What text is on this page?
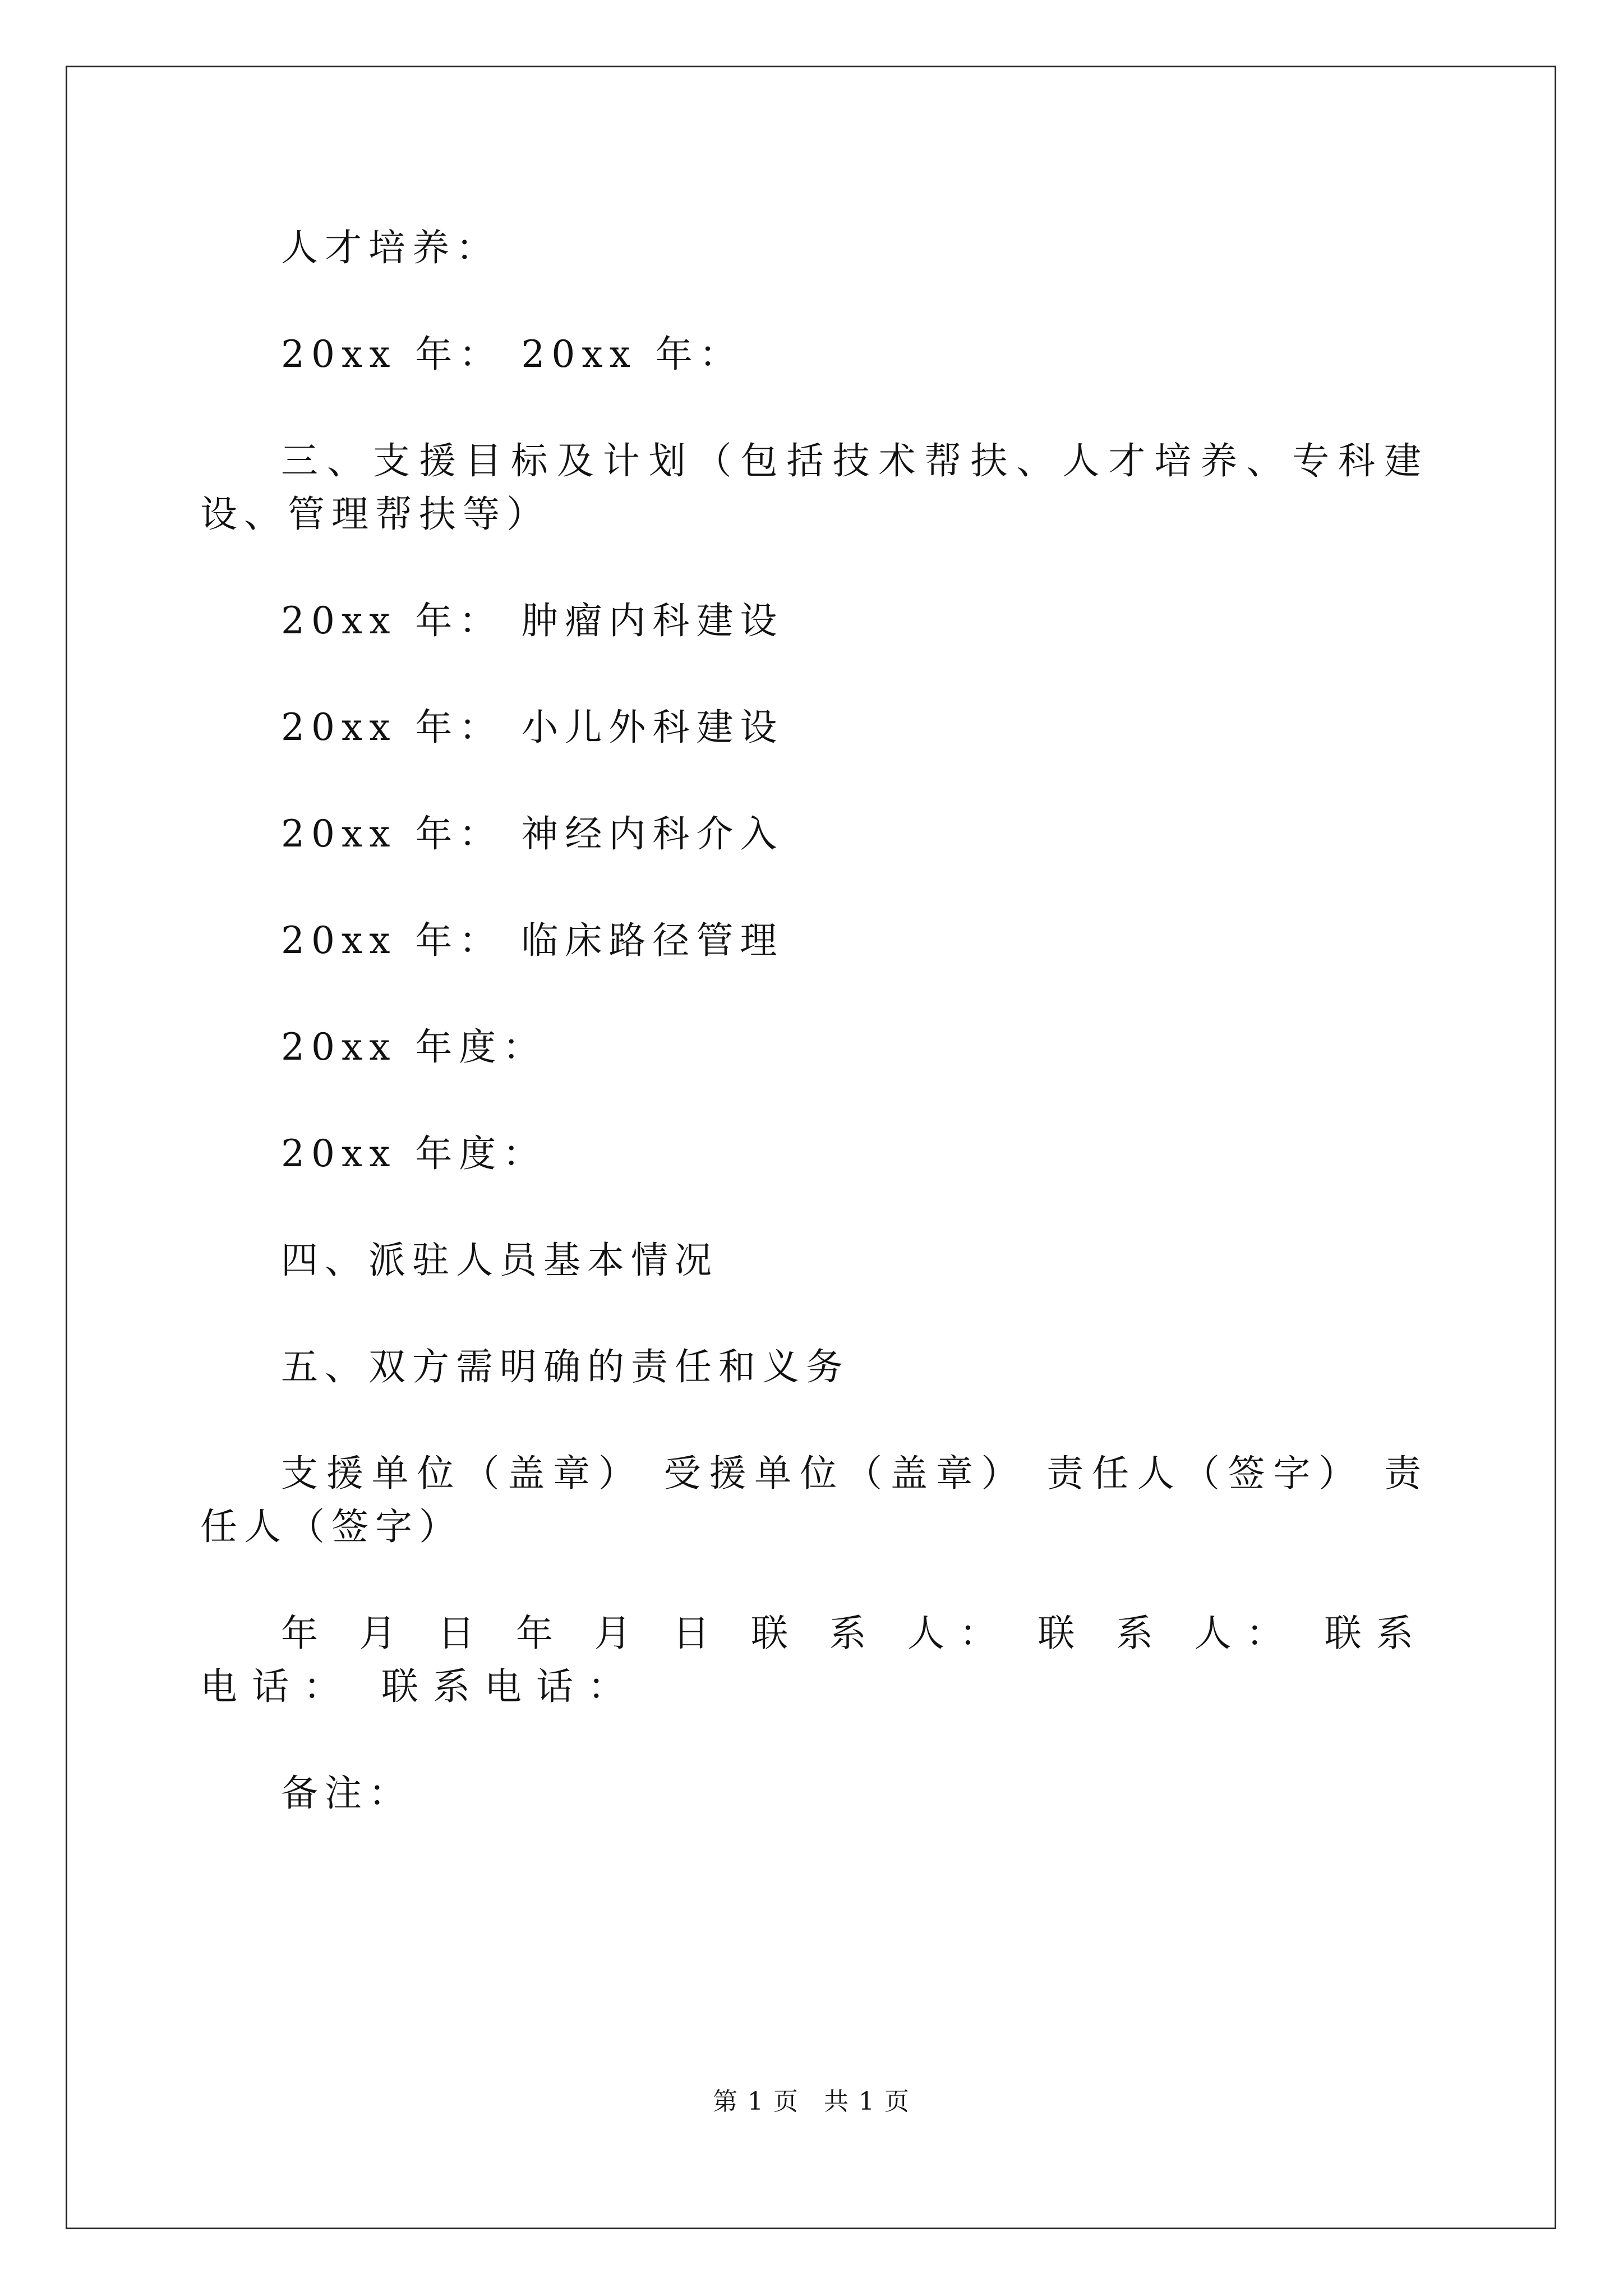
人才培养：

20xx 年： 20xx 年：

三、支援目标及计划（包括技术帮扶、人才培养、专科建设、管理帮扶等）

20xx 年： 肿瘤内科建设

20xx 年： 小儿外科建设

20xx 年： 神经内科介入

20xx 年： 临床路径管理

20xx 年度：

20xx 年度：

四、派驻人员基本情况

五、双方需明确的责任和义务

支援单位（盖章） 受援单位（盖章） 责任人（签字） 责任人（签字）

年 月 日 年 月 日 联 系 人： 联 系 人： 联系电话： 联系电话：

备注：

第 1 页 共 1 页
